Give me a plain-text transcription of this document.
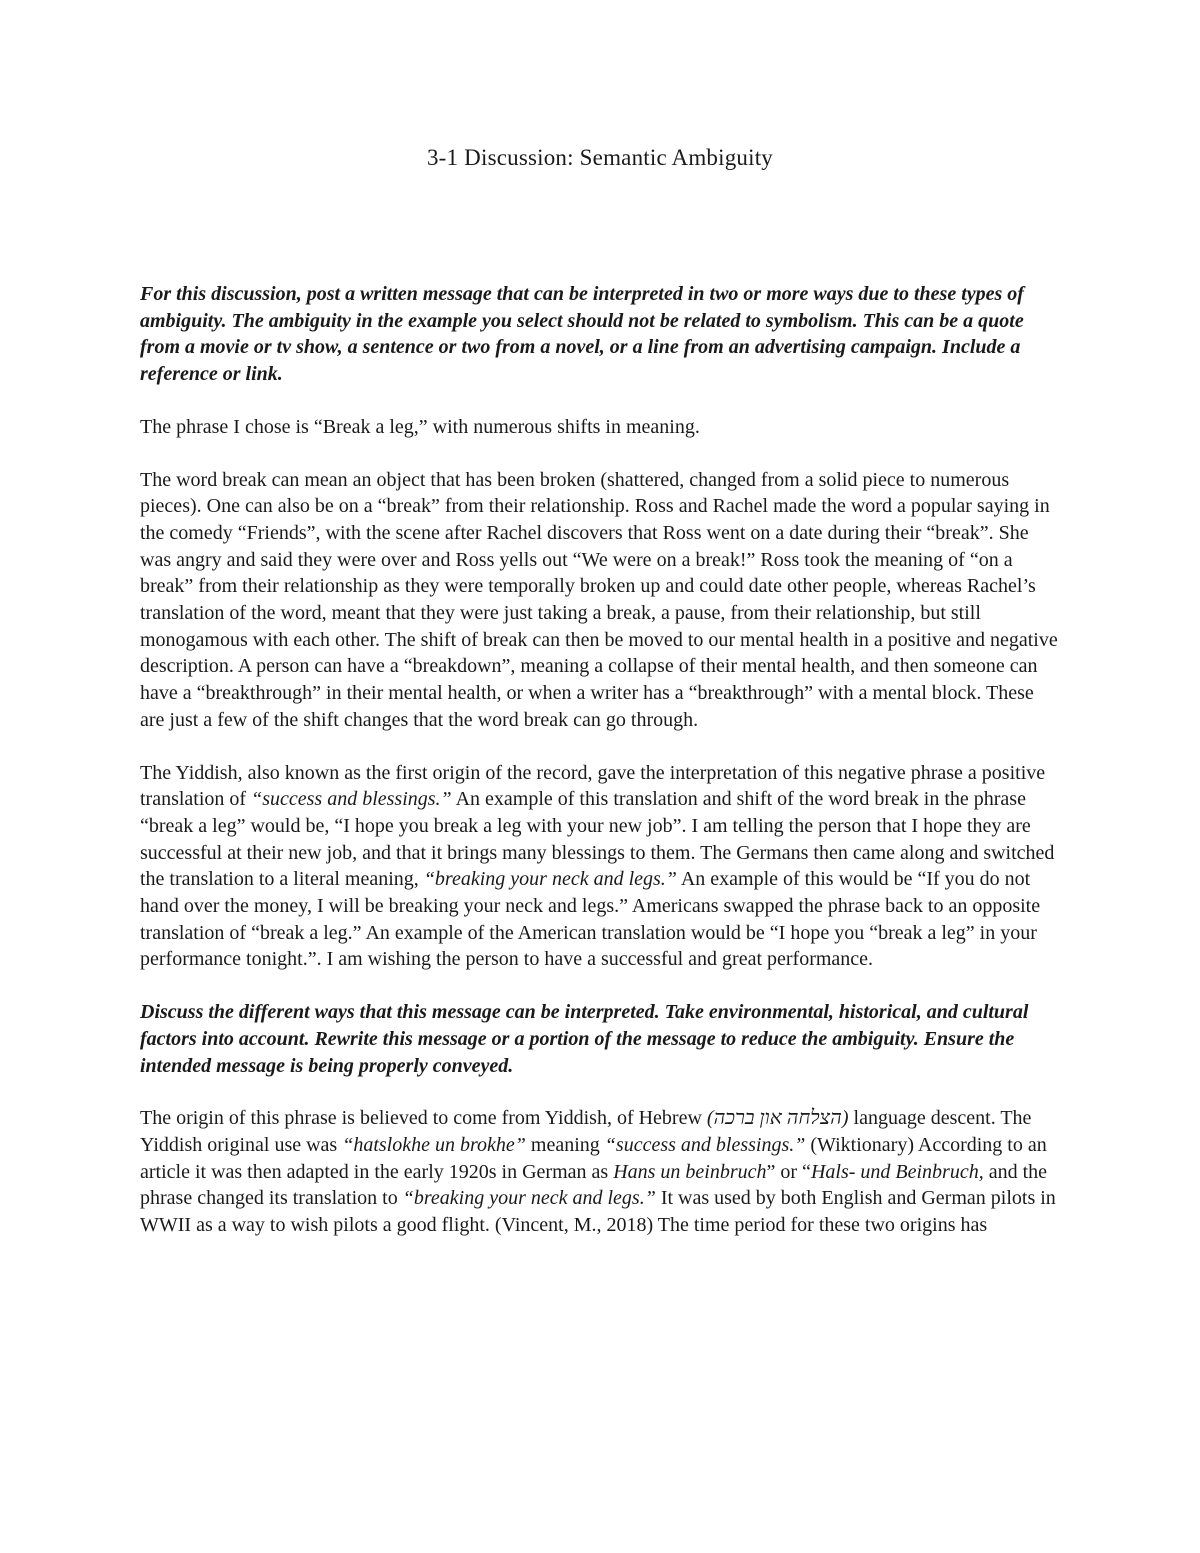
3-1 Discussion: Semantic Ambiguity

For this discussion, post a written message that can be interpreted in two or more ways due to these types of ambiguity. The ambiguity in the example you select should not be related to symbolism. This can be a quote from a movie or tv show, a sentence or two from a novel, or a line from an advertising campaign. Include a reference or link.

The phrase I chose is “Break a leg,” with numerous shifts in meaning.

The word break can mean an object that has been broken (shattered, changed from a solid piece to numerous pieces). One can also be on a “break” from their relationship. Ross and Rachel made the word a popular saying in the comedy “Friends”, with the scene after Rachel discovers that Ross went on a date during their “break”. She was angry and said they were over and Ross yells out “We were on a break!” Ross took the meaning of “on a break” from their relationship as they were temporally broken up and could date other people, whereas Rachel’s translation of the word, meant that they were just taking a break, a pause, from their relationship, but still monogamous with each other. The shift of break can then be moved to our mental health in a positive and negative description. A person can have a “breakdown”, meaning a collapse of their mental health, and then someone can have a “breakthrough” in their mental health, or when a writer has a “breakthrough” with a mental block. These are just a few of the shift changes that the word break can go through.

The Yiddish, also known as the first origin of the record, gave the interpretation of this negative phrase a positive translation of “success and blessings.” An example of this translation and shift of the word break in the phrase “break a leg” would be, “I hope you break a leg with your new job”. I am telling the person that I hope they are successful at their new job, and that it brings many blessings to them. The Germans then came along and switched the translation to a literal meaning, “breaking your neck and legs.” An example of this would be “If you do not hand over the money, I will be breaking your neck and legs.” Americans swapped the phrase back to an opposite translation of “break a leg.” An example of the American translation would be “I hope you “break a leg” in your performance tonight.”. I am wishing the person to have a successful and great performance.

Discuss the different ways that this message can be interpreted. Take environmental, historical, and cultural factors into account. Rewrite this message or a portion of the message to reduce the ambiguity. Ensure the intended message is being properly conveyed.

The origin of this phrase is believed to come from Yiddish, of Hebrew (הצלחה און ברכה) language descent. The Yiddish original use was “hatslokhe un brokhe” meaning “success and blessings.” (Wiktionary) According to an article it was then adapted in the early 1920s in German as Hans un beinbruch” or “Hals- und Beinbruch, and the phrase changed its translation to “breaking your neck and legs.” It was used by both English and German pilots in WWII as a way to wish pilots a good flight. (Vincent, M., 2018) The time period for these two origins has
